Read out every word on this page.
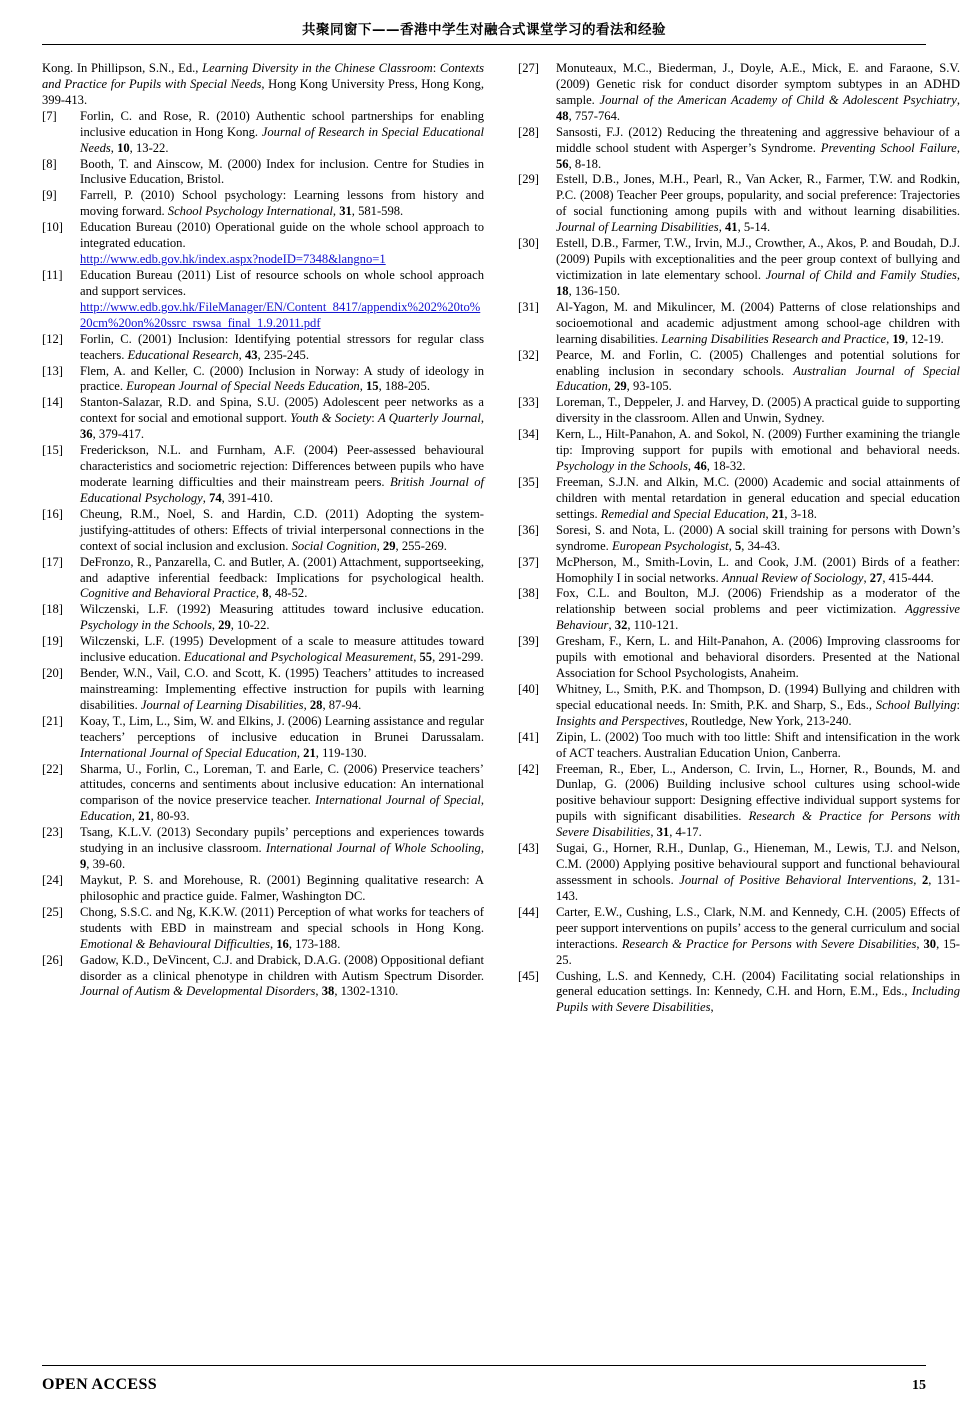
共聚同窗下——香港中学生对融合式课堂学习的看法和经验
Kong. In Phillipson, S.N., Ed., Learning Diversity in the Chinese Classroom: Contexts and Practice for Pupils with Special Needs, Hong Kong University Press, Hong Kong, 399-413.
[7]	Forlin, C. and Rose, R. (2010) Authentic school partnerships for enabling inclusive education in Hong Kong. Journal of Research in Special Educational Needs, 10, 13-22.
[8]	Booth, T. and Ainscow, M. (2000) Index for inclusion. Centre for Studies in Inclusive Education, Bristol.
[9]	Farrell, P. (2010) School psychology: Learning lessons from history and moving forward. School Psychology International, 31, 581-598.
[10]	Education Bureau (2010) Operational guide on the whole school approach to integrated education.
http://www.edb.gov.hk/index.aspx?nodeID=7348&langno=1
[11]	Education Bureau (2011) List of resource schools on whole school approach and support services.
http://www.edb.gov.hk/FileManager/EN/Content_8417/appendix%202%20to%20cm%20on%20ssrc_rswsa_final_1.9.2011.pdf
[12]	Forlin, C. (2001) Inclusion: Identifying potential stressors for regular class teachers. Educational Research, 43, 235-245.
[13]	Flem, A. and Keller, C. (2000) Inclusion in Norway: A study of ideology in practice. European Journal of Special Needs Education, 15, 188-205.
[14]	Stanton-Salazar, R.D. and Spina, S.U. (2005) Adolescent peer networks as a context for social and emotional support. Youth & Society: A Quarterly Journal, 36, 379-417.
[15]	Frederickson, N.L. and Furnham, A.F. (2004) Peer-assessed behavioural characteristics and sociometric rejection: Differences between pupils who have moderate learning difficulties and their mainstream peers. British Journal of Educational Psychology, 74, 391-410.
[16]	Cheung, R.M., Noel, S. and Hardin, C.D. (2011) Adopting the system-justifying-attitudes of others: Effects of trivial interpersonal connections in the context of social inclusion and exclusion. Social Cognition, 29, 255-269.
[17]	DeFronzo, R., Panzarella, C. and Butler, A. (2001) Attachment, supportseeking, and adaptive inferential feedback: Implications for psychological health. Cognitive and Behavioral Practice, 8, 48-52.
[18]	Wilczenski, L.F. (1992) Measuring attitudes toward inclusive education. Psychology in the Schools, 29, 10-22.
[19]	Wilczenski, L.F. (1995) Development of a scale to measure attitudes toward inclusive education. Educational and Psychological Measurement, 55, 291-299.
[20]	Bender, W.N., Vail, C.O. and Scott, K. (1995) Teachers’ attitudes to increased mainstreaming: Implementing effective instruction for pupils with learning disabilities. Journal of Learning Disabilities, 28, 87-94.
[21]	Koay, T., Lim, L., Sim, W. and Elkins, J. (2006) Learning assistance and regular teachers’ perceptions of inclusive education in Brunei Darussalam. International Journal of Special Education, 21, 119-130.
[22]	Sharma, U., Forlin, C., Loreman, T. and Earle, C. (2006) Preservice teachers’ attitudes, concerns and sentiments about inclusive education: An international comparison of the novice preservice teacher. International Journal of Special, Education, 21, 80-93.
[23]	Tsang, K.L.V. (2013) Secondary pupils’ perceptions and experiences towards studying in an inclusive classroom. International Journal of Whole Schooling, 9, 39-60.
[24]	Maykut, P. S. and Morehouse, R. (2001) Beginning qualitative research: A philosophic and practice guide. Falmer, Washington DC.
[25]	Chong, S.S.C. and Ng, K.K.W. (2011) Perception of what works for teachers of students with EBD in mainstream and special schools in Hong Kong. Emotional & Behavioural Difficulties, 16, 173-188.
[26]	Gadow, K.D., DeVincent, C.J. and Drabick, D.A.G. (2008) Oppositional defiant disorder as a clinical phenotype in children with Autism Spectrum Disorder. Journal of Autism & Developmental Disorders, 38, 1302-1310.
[27]	Monuteaux, M.C., Biederman, J., Doyle, A.E., Mick, E. and Faraone, S.V. (2009) Genetic risk for conduct disorder symptom subtypes in an ADHD sample. Journal of the American Academy of Child & Adolescent Psychiatry, 48, 757-764.
[28]	Sansosti, F.J. (2012) Reducing the threatening and aggressive behaviour of a middle school student with Asperger’s Syndrome. Preventing School Failure, 56, 8-18.
[29]	Estell, D.B., Jones, M.H., Pearl, R., Van Acker, R., Farmer, T.W. and Rodkin, P.C. (2008) Teacher Peer groups, popularity, and social preference: Trajectories of social functioning among pupils with and without learning disabilities. Journal of Learning Disabilities, 41, 5-14.
[30]	Estell, D.B., Farmer, T.W., Irvin, M.J., Crowther, A., Akos, P. and Boudah, D.J. (2009) Pupils with exceptionalities and the peer group context of bullying and victimization in late elementary school. Journal of Child and Family Studies, 18, 136-150.
[31]	Al-Yagon, M. and Mikulincer, M. (2004) Patterns of close relationships and socioemotional and academic adjustment among school-age children with learning disabilities. Learning Disabilities Research and Practice, 19, 12-19.
[32]	Pearce, M. and Forlin, C. (2005) Challenges and potential solutions for enabling inclusion in secondary schools. Australian Journal of Special Education, 29, 93-105.
[33]	Loreman, T., Deppeler, J. and Harvey, D. (2005) A practical guide to supporting diversity in the classroom. Allen and Unwin, Sydney.
[34]	Kern, L., Hilt-Panahon, A. and Sokol, N. (2009) Further examining the triangle tip: Improving support for pupils with emotional and behavioral needs. Psychology in the Schools, 46, 18-32.
[35]	Freeman, S.J.N. and Alkin, M.C. (2000) Academic and social attainments of children with mental retardation in general education and special education settings. Remedial and Special Education, 21, 3-18.
[36]	Soresi, S. and Nota, L. (2000) A social skill training for persons with Down’s syndrome. European Psychologist, 5, 34-43.
[37]	McPherson, M., Smith-Lovin, L. and Cook, J.M. (2001) Birds of a feather: Homophily I in social networks. Annual Review of Sociology, 27, 415-444.
[38]	Fox, C.L. and Boulton, M.J. (2006) Friendship as a moderator of the relationship between social problems and peer victimization. Aggressive Behaviour, 32, 110-121.
[39]	Gresham, F., Kern, L. and Hilt-Panahon, A. (2006) Improving classrooms for pupils with emotional and behavioral disorders. Presented at the National Association for School Psychologists, Anaheim.
[40]	Whitney, L., Smith, P.K. and Thompson, D. (1994) Bullying and children with special educational needs. In: Smith, P.K. and Sharp, S., Eds., School Bullying: Insights and Perspectives, Routledge, New York, 213-240.
[41]	Zipin, L. (2002) Too much with too little: Shift and intensification in the work of ACT teachers. Australian Education Union, Canberra.
[42]	Freeman, R., Eber, L., Anderson, C. Irvin, L., Horner, R., Bounds, M. and Dunlap, G. (2006) Building inclusive school cultures using school-wide positive behaviour support: Designing effective individual support systems for pupils with significant disabilities. Research & Practice for Persons with Severe Disabilities, 31, 4-17.
[43]	Sugai, G., Horner, R.H., Dunlap, G., Hieneman, M., Lewis, T.J. and Nelson, C.M. (2000) Applying positive behavioural support and functional behavioural assessment in schools. Journal of Positive Behavioral Interventions, 2, 131-143.
[44]	Carter, E.W., Cushing, L.S., Clark, N.M. and Kennedy, C.H. (2005) Effects of peer support interventions on pupils’ access to the general curriculum and social interactions. Research & Practice for Persons with Severe Disabilities, 30, 15-25.
[45]	Cushing, L.S. and Kennedy, C.H. (2004) Facilitating social relationships in general education settings. In: Kennedy, C.H. and Horn, E.M., Eds., Including Pupils with Severe Disabilities,
OPEN ACCESS	15
